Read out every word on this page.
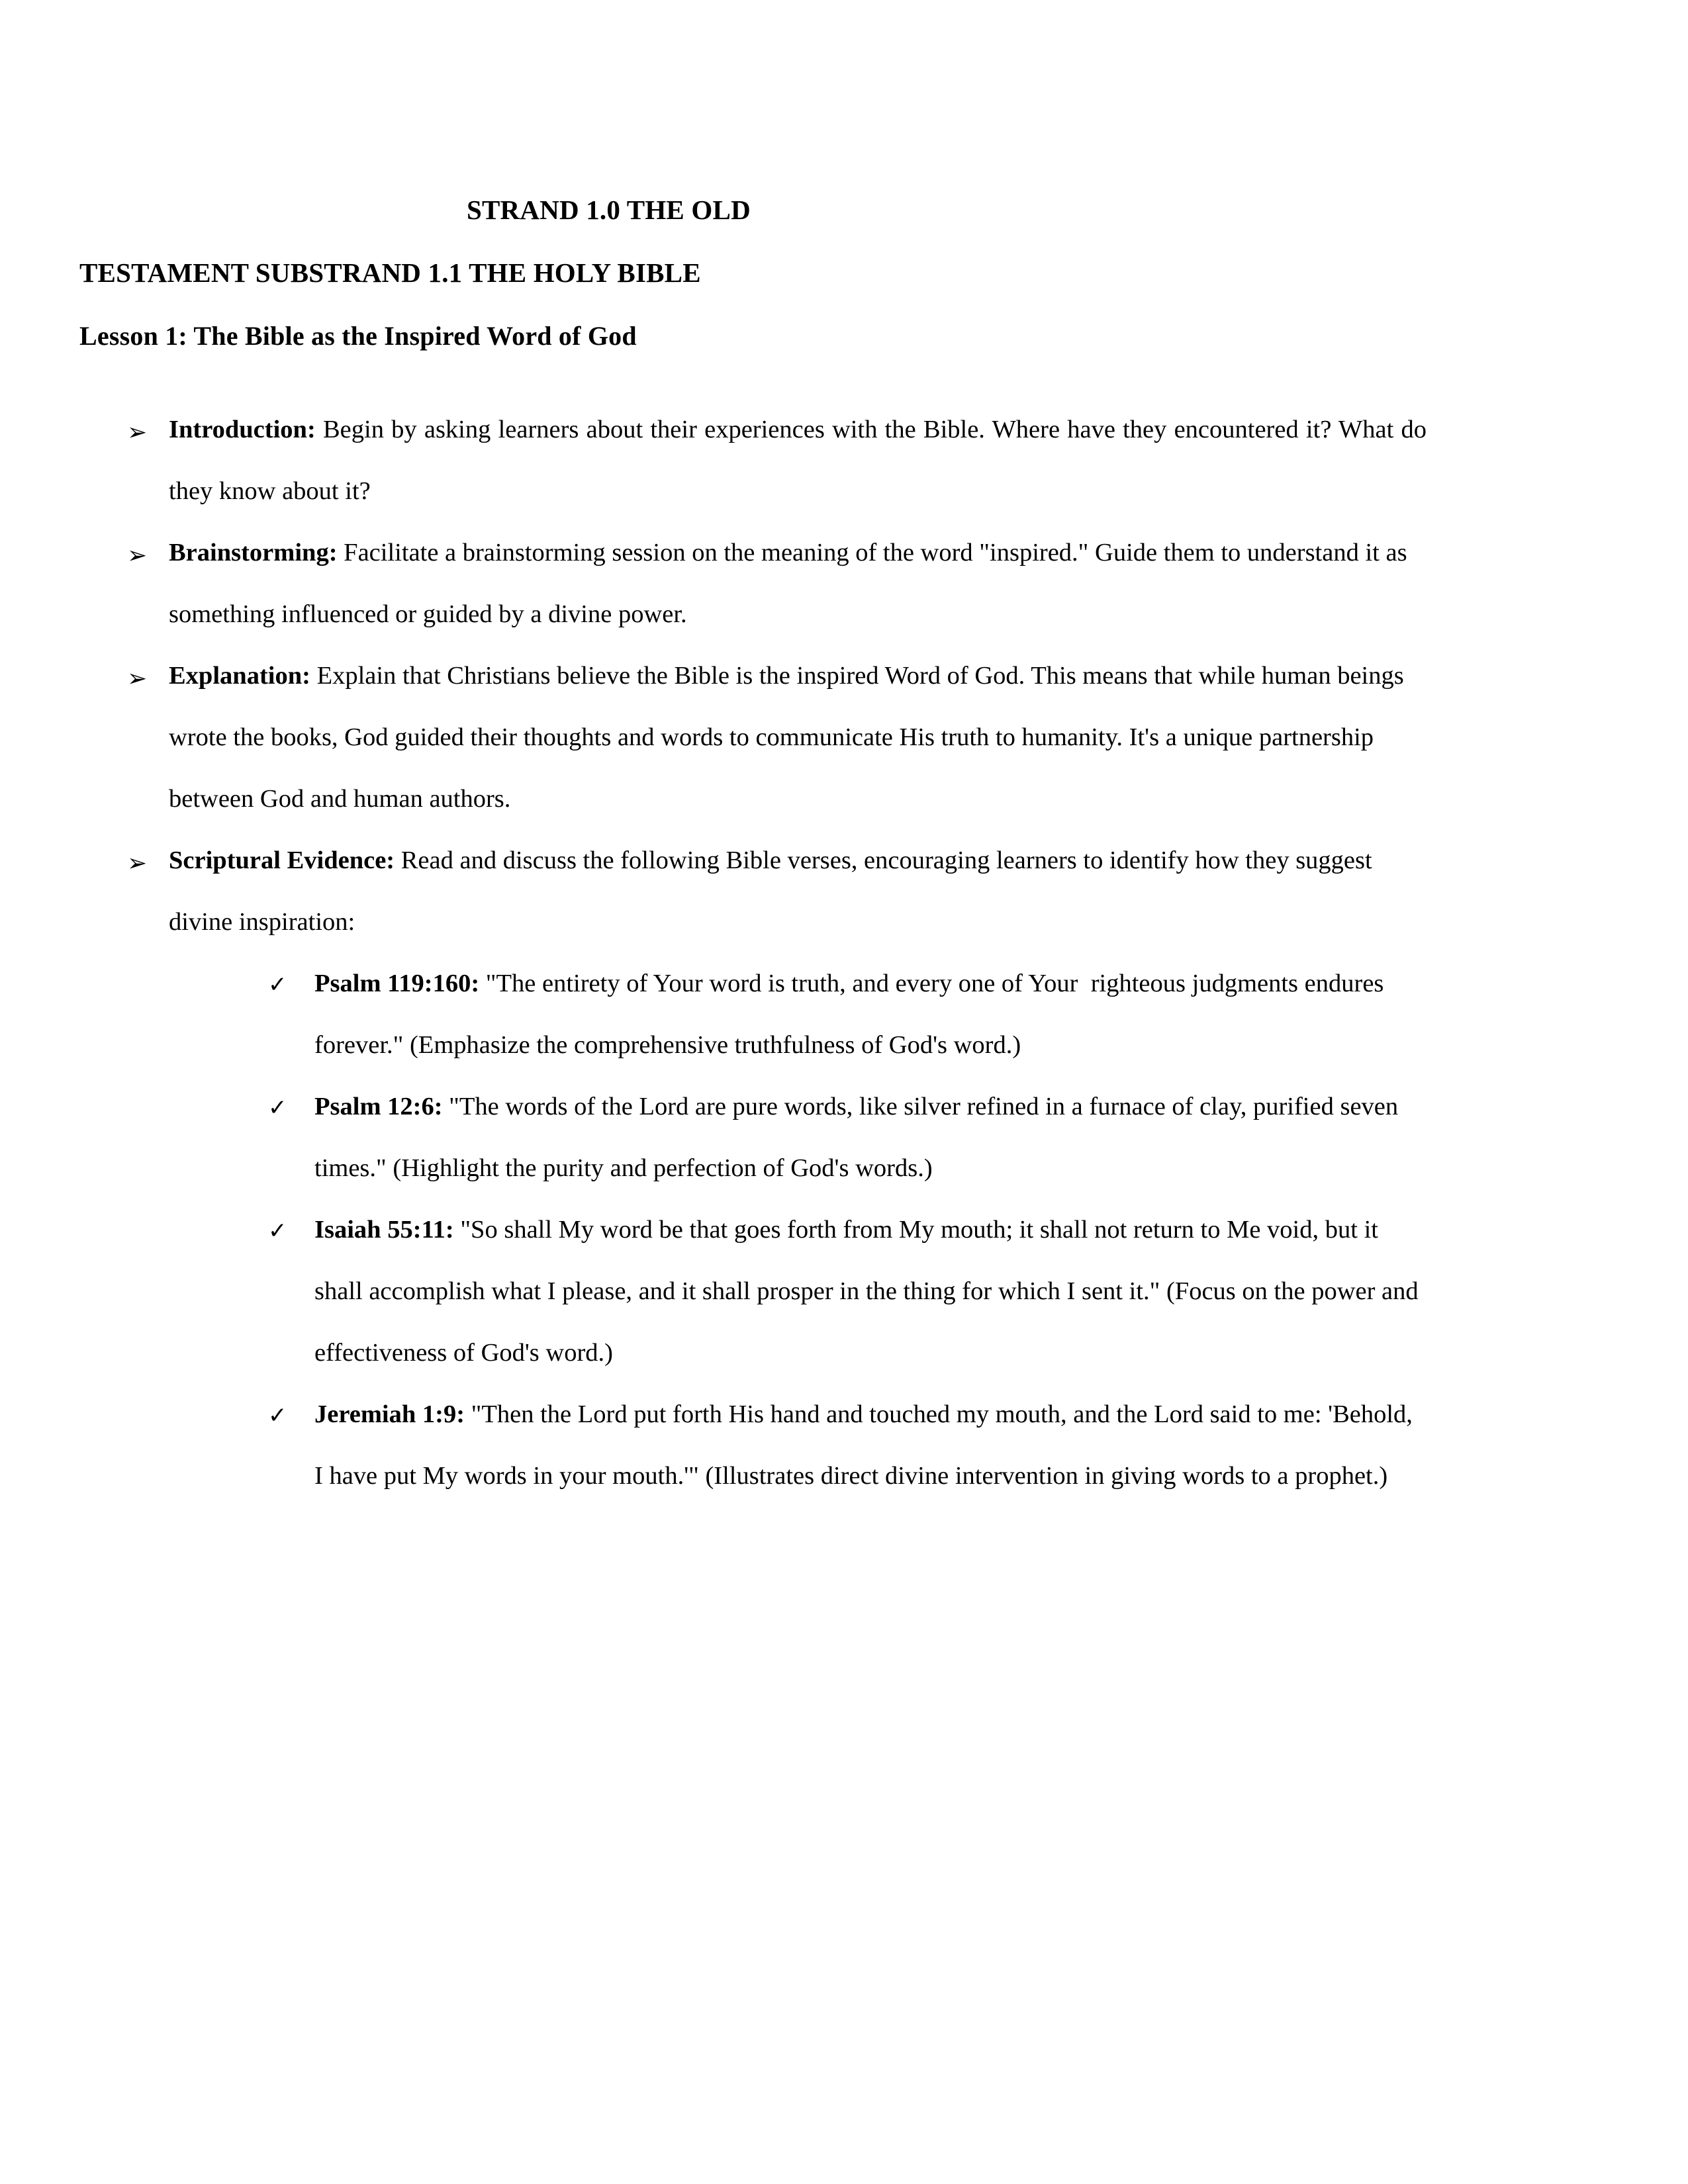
STRAND 1.0 THE OLD
TESTAMENT SUBSTRAND 1.1 THE HOLY BIBLE
Lesson 1: The Bible as the Inspired Word of God
➢ Introduction: Begin by asking learners about their experiences with the Bible. Where have they encountered it? What do they know about it?

➢ Brainstorming: Facilitate a brainstorming session on the meaning of the word "inspired." Guide them to understand it as something influenced or guided by a divine power.

➢ Explanation: Explain that Christians believe the Bible is the inspired Word of God. This means that while human beings wrote the books, God guided their thoughts and words to communicate His truth to humanity. It's a unique partnership between God and human authors.

➢ Scriptural Evidence: Read and discuss the following Bible verses, encouraging learners to identify how they suggest divine inspiration:

✓ Psalm 119:160: "The entirety of Your word is truth, and every one of Your  righteous judgments endures forever." (Emphasize the comprehensive truthfulness of God's word.)

✓ Psalm 12:6: "The words of the Lord are pure words, like silver refined in a furnace of clay, purified seven times." (Highlight the purity and perfection of God's words.)

✓ Isaiah 55:11: "So shall My word be that goes forth from My mouth; it shall not return to Me void, but it shall accomplish what I please, and it shall prosper in the thing for which I sent it." (Focus on the power and effectiveness of God's word.)

✓ Jeremiah 1:9: "Then the Lord put forth His hand and touched my mouth, and the Lord said to me: 'Behold, I have put My words in your mouth.'" (Illustrates direct divine intervention in giving words to a prophet.)
